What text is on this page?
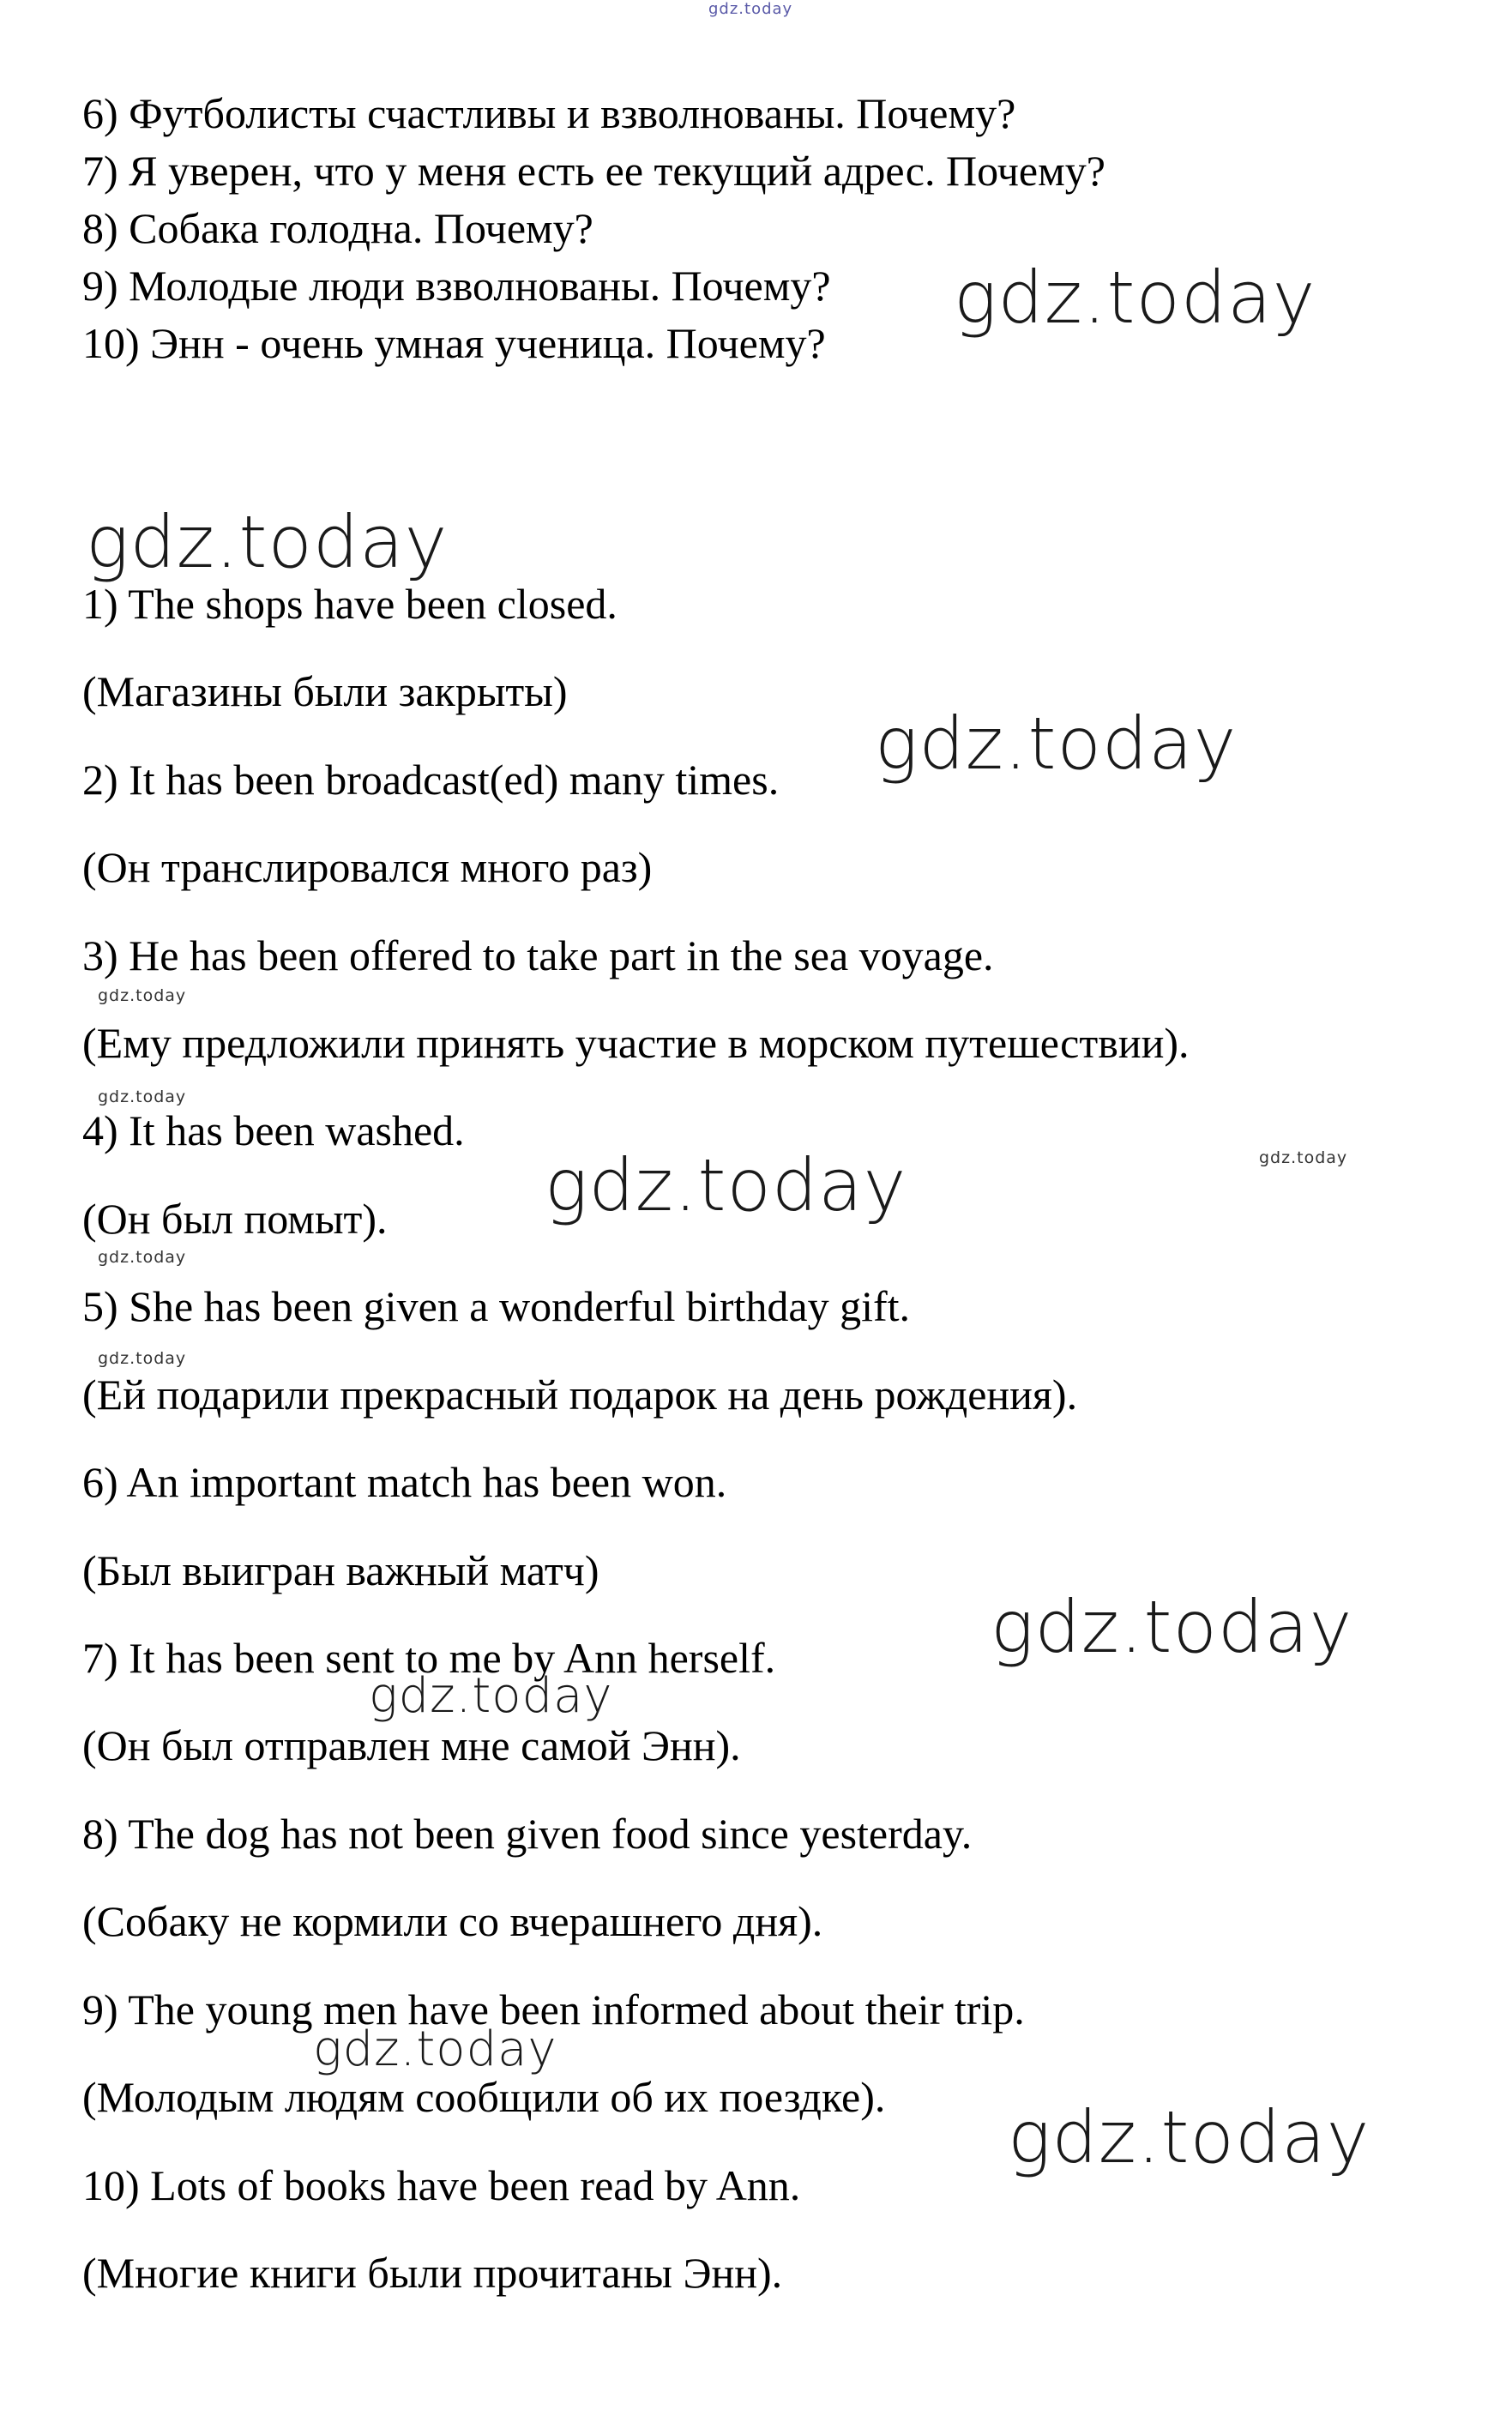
gdz.today

6) Футболисты счастливы и взволнованы. Почему?

7) Я уверен, что у меня есть ее текущий адрес. Почему?

8) Собака голодна. Почему?

9) Молодые люди взволнованы. Почему?

10) Энн - очень умная ученица. Почему?

1) The shops have been closed.

(Магазины были закрыты)

2) It has been broadcast(ed) many times.

(Он транслировался много раз)

3) He has been offered to take part in the sea voyage.

(Ему предложили принять участие в морском путешествии).

4) It has been washed.

(Он был помыт).

5) She has been given a wonderful birthday gift.

(Ей подарили прекрасный подарок на день рождения).

6) An important match has been won.

(Был выигран важный матч)

7) It has been sent to me by Ann herself.

(Он был отправлен мне самой Энн).

8) The dog has not been given food since yesterday.

(Собаку не кормили со вчерашнего дня).

9) The young men have been informed about their trip.

(Молодым людям сообщили об их поездке).

10) Lots of books have been read by Ann.

(Многие книги были прочитаны Энн).

gdz.today
gdz.today
gdz.today
gdz.today
gdz.today
gdz.today
gdz.today
gdz.today
gdz.today
gdz.today
gdz.today
gdz.today
gdz.today
